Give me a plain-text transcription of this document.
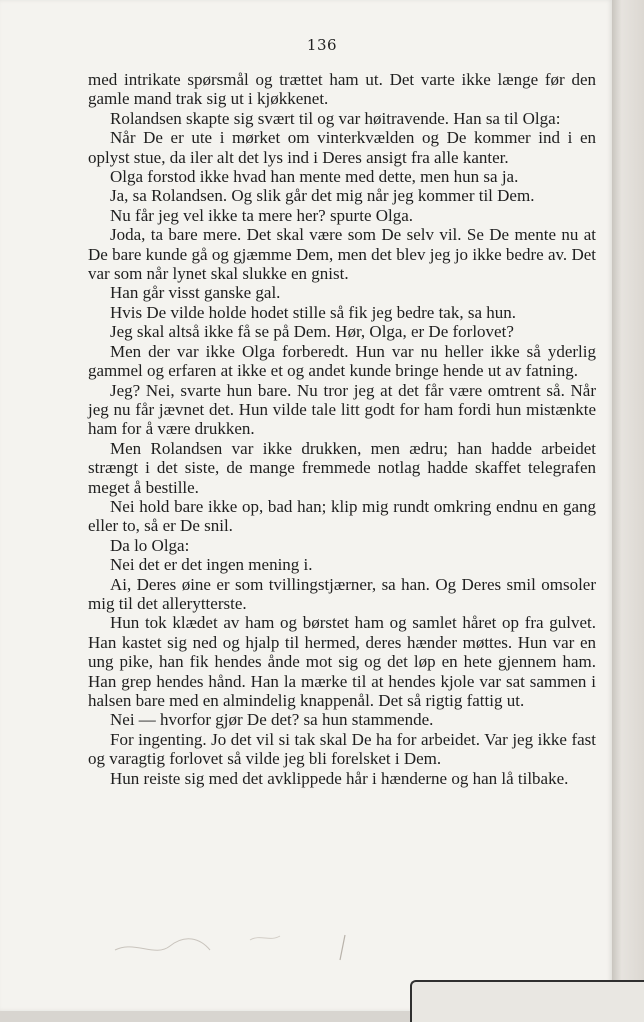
136

med intrikate spørsmål og trættet ham ut. Det varte ikke længe før den gamle mand trak sig ut i kjøkkenet.

Rolandsen skapte sig svært til og var høitravende. Han sa til Olga:

Når De er ute i mørket om vinterkvælden og De kommer ind i en oplyst stue, da iler alt det lys ind i Deres ansigt fra alle kanter.

Olga forstod ikke hvad han mente med dette, men hun sa ja.

Ja, sa Rolandsen. Og slik går det mig når jeg kommer til Dem.

Nu får jeg vel ikke ta mere her? spurte Olga.

Joda, ta bare mere. Det skal være som De selv vil. Se De mente nu at De bare kunde gå og gjæmme Dem, men det blev jeg jo ikke bedre av. Det var som når lynet skal slukke en gnist.

Han går visst ganske gal.

Hvis De vilde holde hodet stille så fik jeg bedre tak, sa hun.

Jeg skal altså ikke få se på Dem. Hør, Olga, er De forlovet?

Men der var ikke Olga forberedt. Hun var nu heller ikke så yderlig gammel og erfaren at ikke et og andet kunde bringe hende ut av fatning.

Jeg? Nei, svarte hun bare. Nu tror jeg at det får være omtrent så. Når jeg nu får jævnet det. Hun vilde tale litt godt for ham fordi hun mistænkte ham for å være drukken.

Men Rolandsen var ikke drukken, men ædru; han hadde arbeidet strængt i det siste, de mange fremmede notlag hadde skaffet telegrafen meget å bestille.

Nei hold bare ikke op, bad han; klip mig rundt omkring endnu en gang eller to, så er De snil.

Da lo Olga:

Nei det er det ingen mening i.

Ai, Deres øine er som tvillingstjærner, sa han. Og Deres smil omsoler mig til det allerytterste.

Hun tok klædet av ham og børstet ham og samlet håret op fra gulvet. Han kastet sig ned og hjalp til hermed, deres hænder møttes. Hun var en ung pike, han fik hendes ånde mot sig og det løp en hete gjennem ham. Han grep hendes hånd. Han la mærke til at hendes kjole var sat sammen i halsen bare med en almindelig knappenål. Det så rigtig fattig ut.

Nei — hvorfor gjør De det? sa hun stammende.

For ingenting. Jo det vil si tak skal De ha for arbeidet. Var jeg ikke fast og varagtig forlovet så vilde jeg bli forelsket i Dem.

Hun reiste sig med det avklippede hår i hænderne og han lå tilbake.
